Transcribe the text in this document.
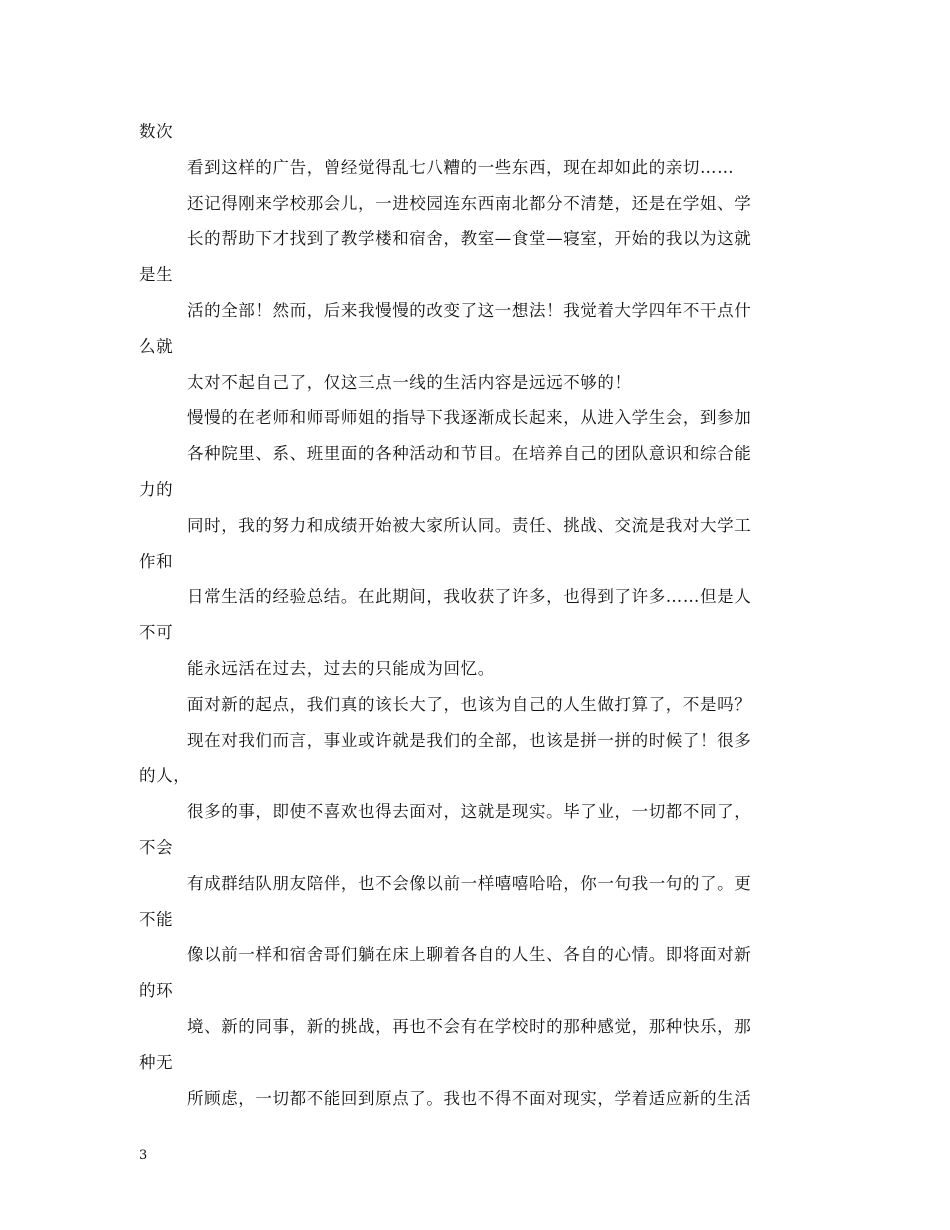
数次
看到这样的广告，曾经觉得乱七八糟的一些东西，现在却如此的亲切……
还记得刚来学校那会儿，一进校园连东西南北都分不清楚，还是在学姐、学
长的帮助下才找到了教学楼和宿舍，教室—食堂—寝室，开始的我以为这就
是生
活的全部！然而，后来我慢慢的改变了这一想法！我觉着大学四年不干点什
么就
太对不起自己了，仅这三点一线的生活内容是远远不够的！
慢慢的在老师和师哥师姐的指导下我逐渐成长起来，从进入学生会，到参加
各种院里、系、班里面的各种活动和节目。在培养自己的团队意识和综合能
力的
同时，我的努力和成绩开始被大家所认同。责任、挑战、交流是我对大学工
作和
日常生活的经验总结。在此期间，我收获了许多，也得到了许多……但是人
不可
能永远活在过去，过去的只能成为回忆。
面对新的起点，我们真的该长大了，也该为自己的人生做打算了，不是吗？
现在对我们而言，事业或许就是我们的全部，也该是拼一拼的时候了！很多
的人，
很多的事，即使不喜欢也得去面对，这就是现实。毕了业，一切都不同了，
不会
有成群结队朋友陪伴，也不会像以前一样嘻嘻哈哈，你一句我一句的了。更
不能
像以前一样和宿舍哥们躺在床上聊着各自的人生、各自的心情。即将面对新
的环
境、新的同事，新的挑战，再也不会有在学校时的那种感觉，那种快乐，那
种无
所顾虑，一切都不能回到原点了。我也不得不面对现实，学着适应新的生活
3
